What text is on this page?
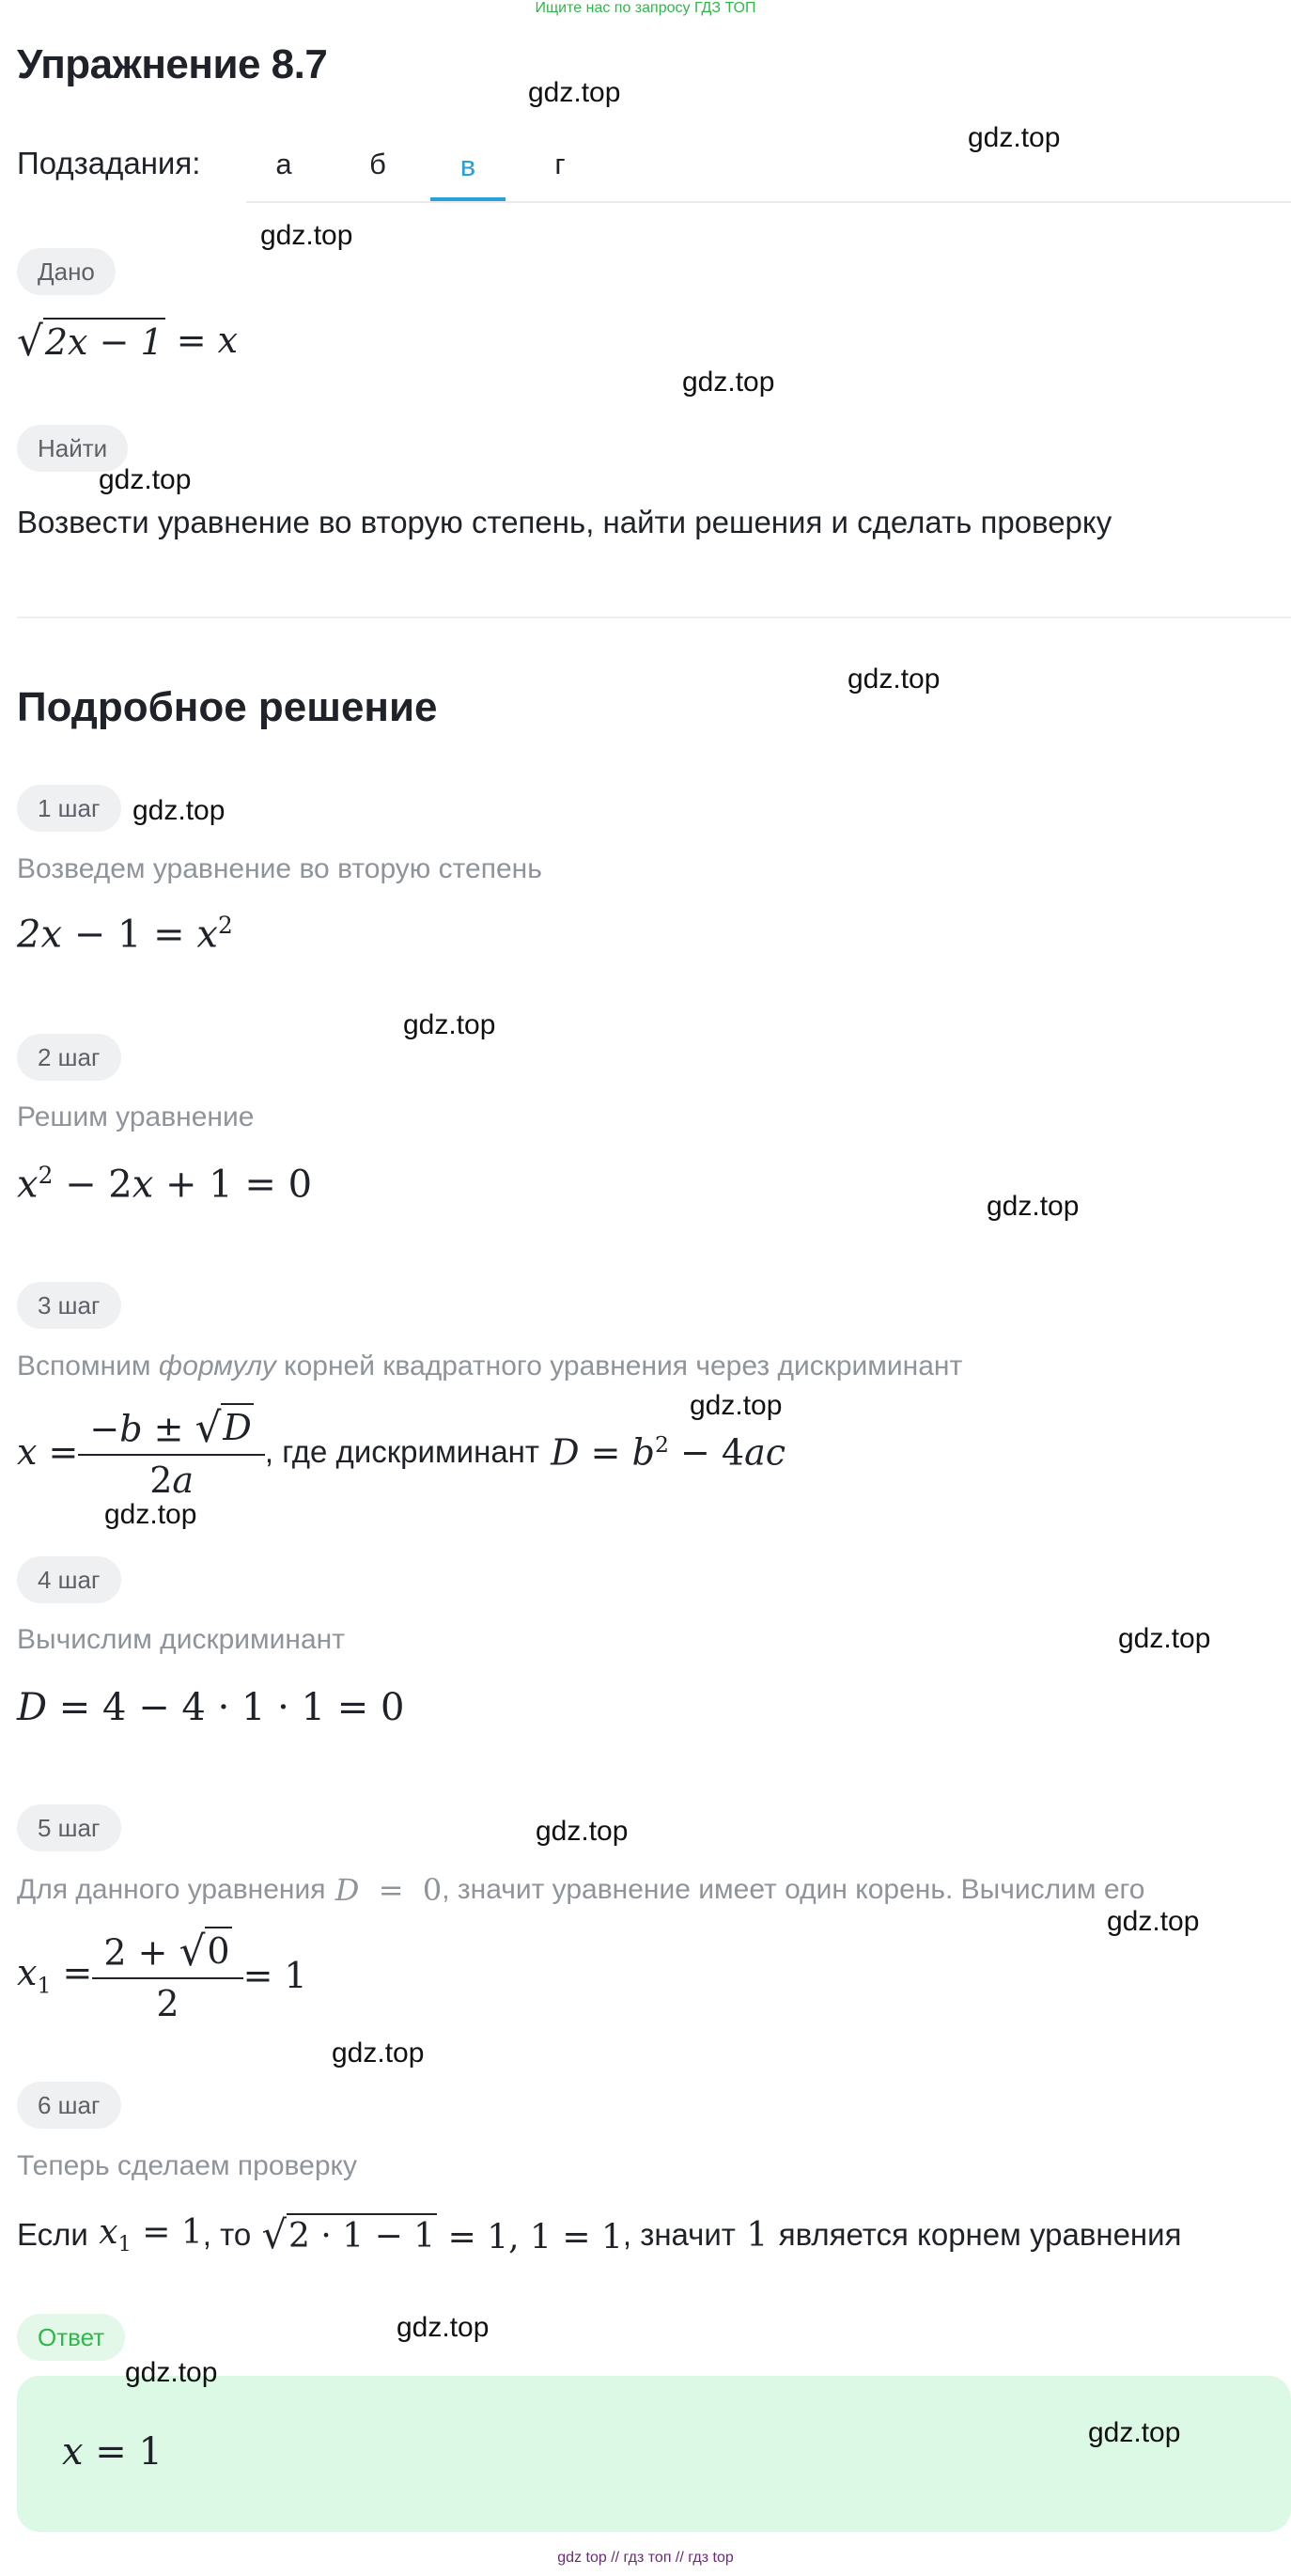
Ищите нас по запросу ГДЗ ТОП
Упражнение 8.7
Подзадания:	а	б	в	г
Дано
√ 2x − 1 = x
Найти
Возвести уравнение во вторую степень, найти решения и сделать проверку
Подробное решение
1 шаг
Возведем уравнение во вторую степень
$2x - 1 = x^2$
2 шаг
Решим уравнение
$x^2 - 2x + 1 = 0$
3 шаг
Вспомним формулу корней квадратного уравнения через дискриминант
$x = \frac{-b \pm √ D}{2a}$ , где дискриминант $D = b^2 - 4ac$
4 шаг
Вычислим дискриминант
D = 4 − 4 · 1 · 1 = 0
5 шаг
Для данного уравнения D = 0 , значит уравнение имеет один корень. Вычислим его
$x_1 = \frac{2 + √ 0}{2} = 1$
6 шаг
Теперь сделаем проверку
Если $x_1 = 1$ , то
√ 2 · 1 − 1 = 1, 1 = 1 , значит 1 является корнем уравнения
Ответ
x = 1
gdz.top
gdz.top
gdz.top
gdz.top
gdz.top
gdz.top
gdz.top
gdz.top
gdz.top
gdz.top
gdz.top
gdz.top
gdz.top
gdz.top
gdz.top
gdz.top
gdz.top
gdz.top
gdz top // гдз топ // гдз top
